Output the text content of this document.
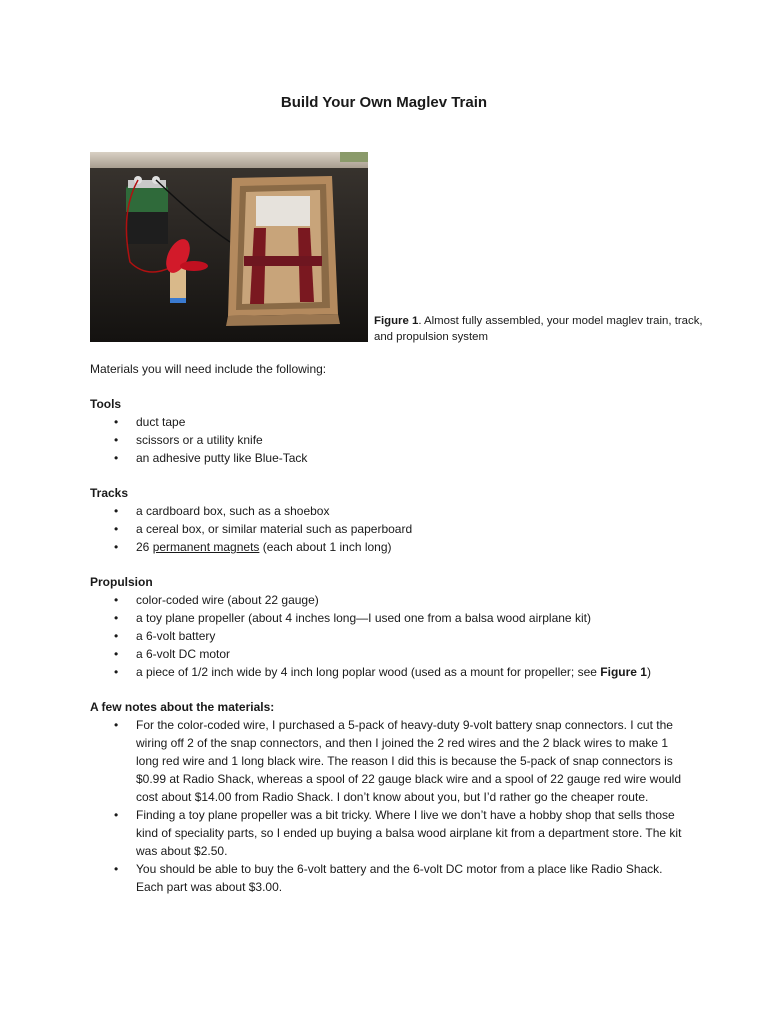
Build Your Own Maglev Train

Figure 1. Almost fully assembled, your model maglev train, track, and propulsion system

Materials you will need include the following:

Tools
• duct tape
• scissors or a utility knife
• an adhesive putty like Blue-Tack
Tracks
• a cardboard box, such as a shoebox
• a cereal box, or similar material such as paperboard
• 26 permanent magnets (each about 1 inch long)
Propulsion
• color-coded wire (about 22 gauge)
• a toy plane propeller (about 4 inches long—I used one from a balsa wood airplane kit)
• a 6-volt battery
• a 6-volt DC motor
• a piece of 1/2 inch wide by 4 inch long poplar wood (used as a mount for propeller; see Figure 1)
A few notes about the materials:
• For the color-coded wire, I purchased a 5-pack of heavy-duty 9-volt battery snap connectors. I cut the wiring off 2 of the snap connectors, and then I joined the 2 red wires and the 2 black wires to make 1 long red wire and 1 long black wire. The reason I did this is because the 5-pack of snap connectors is $0.99 at Radio Shack, whereas a spool of 22 gauge black wire and a spool of 22 gauge red wire would cost about $14.00 from Radio Shack. I don’t know about you, but I’d rather go the cheaper route.
• Finding a toy plane propeller was a bit tricky. Where I live we don’t have a hobby shop that sells those kind of speciality parts, so I ended up buying a balsa wood airplane kit from a department store. The kit was about $2.50.
• You should be able to buy the 6-volt battery and the 6-volt DC motor from a place like Radio Shack. Each part was about $3.00.
